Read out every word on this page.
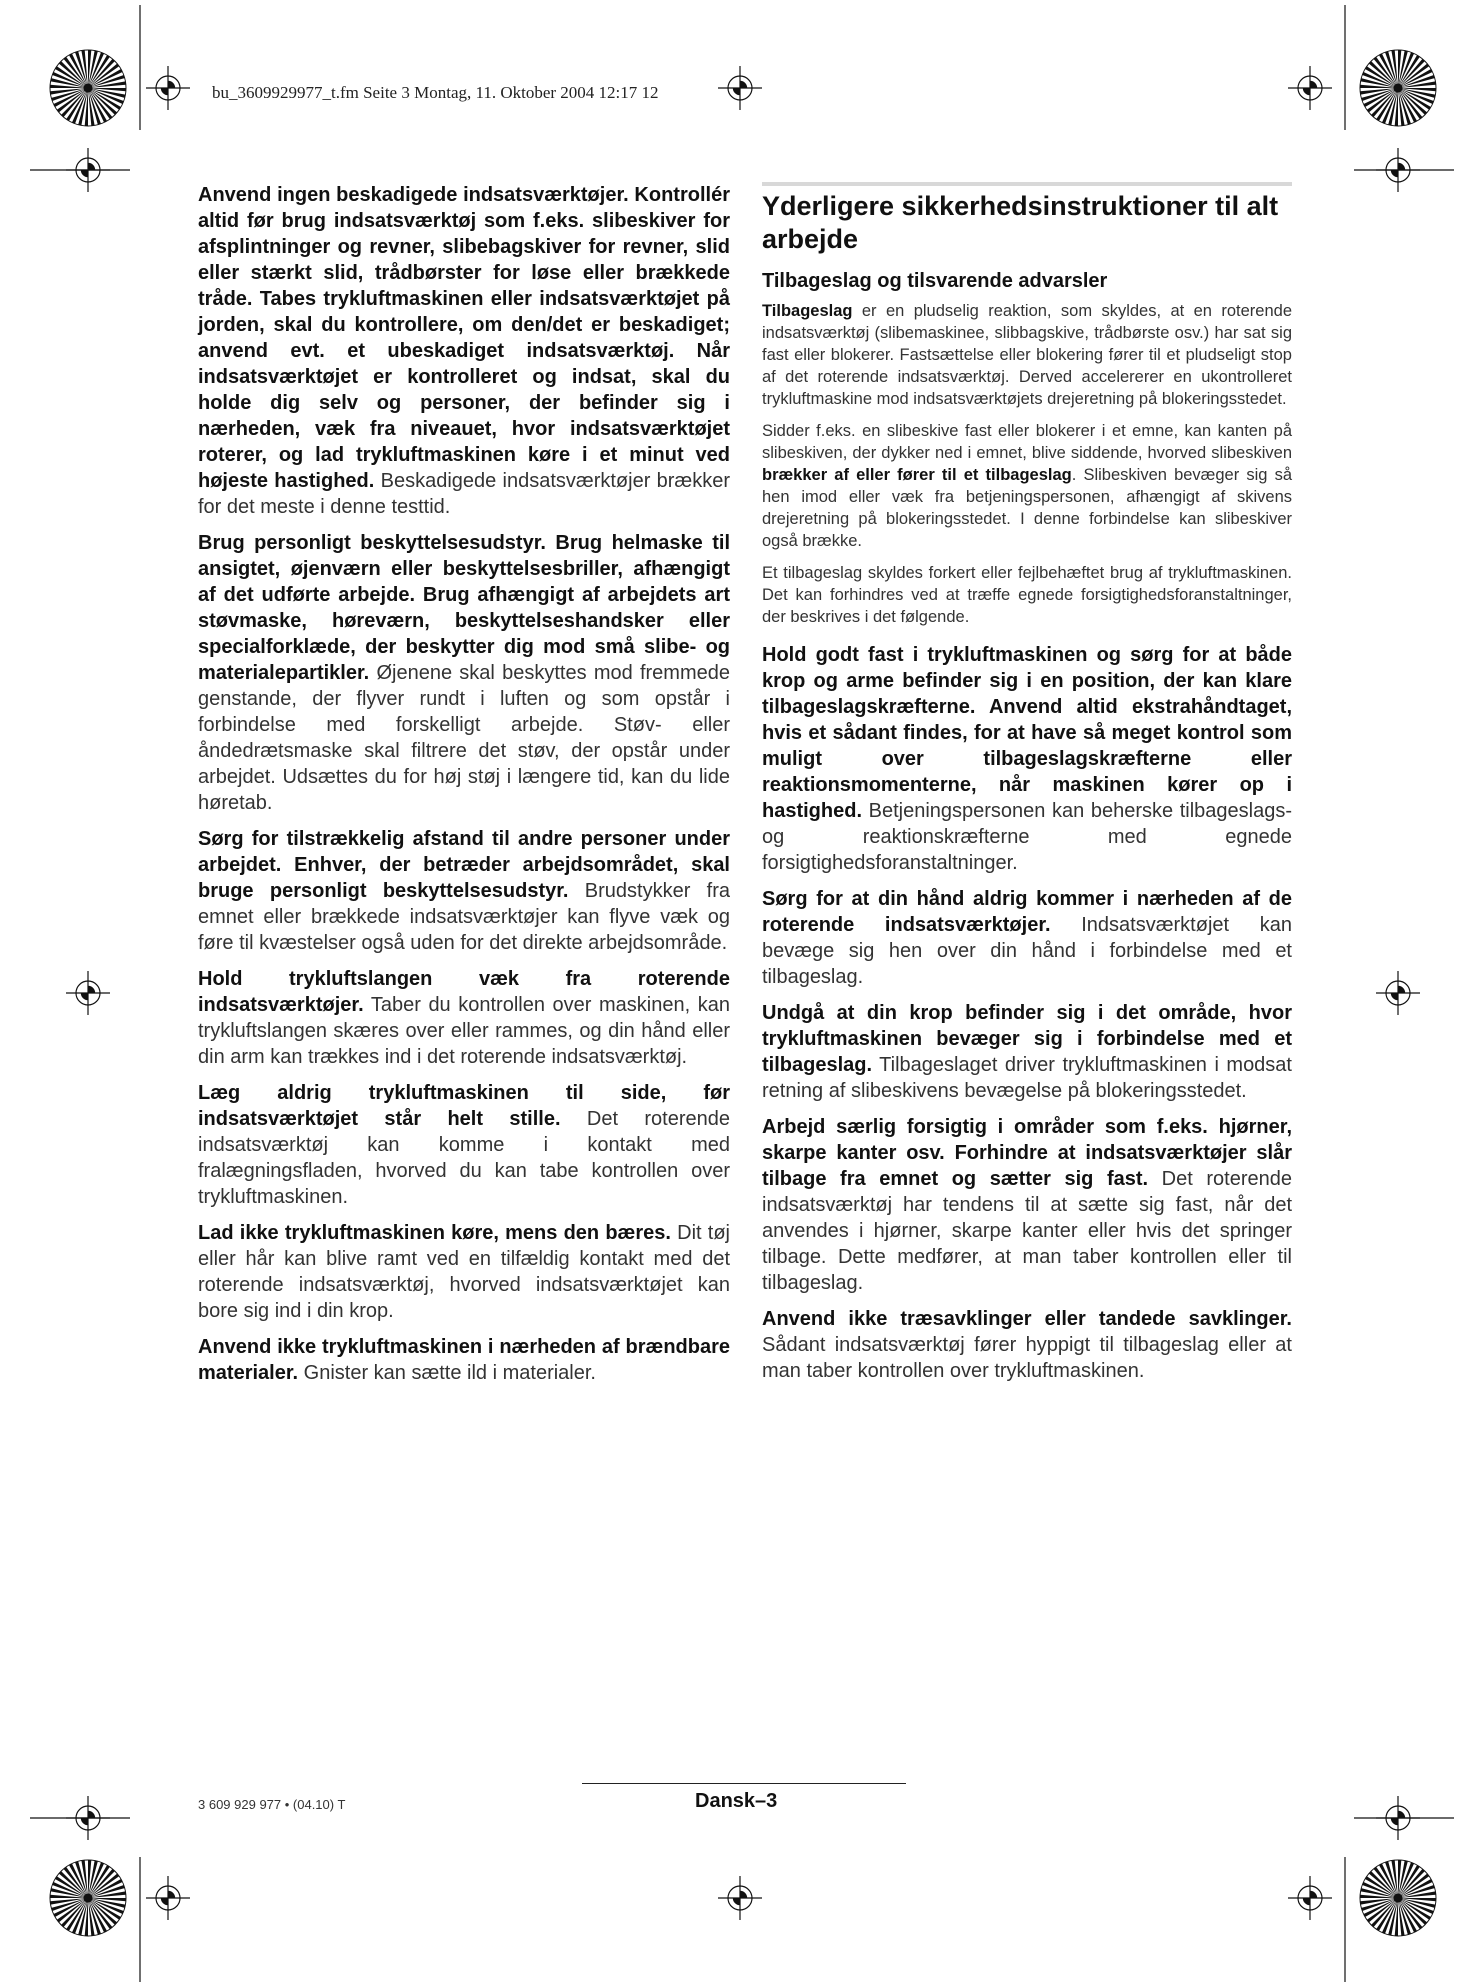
bu_3609929977_t.fm Seite 3 Montag, 11. Oktober 2004 12:17 12

Anvend ingen beskadigede indsatsværktøjer. Kontrollér altid før brug indsatsværktøj som f.eks. slibeskiver for afsplintninger og revner, slibebagskiver for revner, slid eller stærkt slid, trådbørster for løse eller brækkede tråde. Tabes trykluftmaskinen eller indsatsværktøjet på jorden, skal du kontrollere, om den/det er beskadiget; anvend evt. et ubeskadiget indsatsværktøj. Når indsatsværktøjet er kontrolleret og indsat, skal du holde dig selv og personer, der befinder sig i nærheden, væk fra niveauet, hvor indsatsværktøjet roterer, og lad trykluftmaskinen køre i et minut ved højeste hastighed. Beskadigede indsatsværktøjer brækker for det meste i denne testtid.

Brug personligt beskyttelsesudstyr. Brug helmaske til ansigtet, øjenværn eller beskyttelsesbriller, afhængigt af det udførte arbejde. Brug afhængigt af arbejdets art støvmaske, høreværn, beskyttelseshandsker eller specialforklæde, der beskytter dig mod små slibe- og materialepartikler. Øjenene skal beskyttes mod fremmede genstande, der flyver rundt i luften og som opstår i forbindelse med forskelligt arbejde. Støv- eller åndedrætsmaske skal filtrere det støv, der opstår under arbejdet. Udsættes du for høj støj i længere tid, kan du lide høretab.

Sørg for tilstrækkelig afstand til andre personer under arbejdet. Enhver, der betræder arbejdsområdet, skal bruge personligt beskyttelsesudstyr. Brudstykker fra emnet eller brækkede indsatsværktøjer kan flyve væk og føre til kvæstelser også uden for det direkte arbejdsområde.

Hold trykluftslangen væk fra roterende indsatsværktøjer. Taber du kontrollen over maskinen, kan trykluftslangen skæres over eller rammes, og din hånd eller din arm kan trækkes ind i det roterende indsatsværktøj.

Læg aldrig trykluftmaskinen til side, før indsatsværktøjet står helt stille. Det roterende indsatsværktøj kan komme i kontakt med fralægningsfladen, hvorved du kan tabe kontrollen over trykluftmaskinen.

Lad ikke trykluftmaskinen køre, mens den bæres. Dit tøj eller hår kan blive ramt ved en tilfældig kontakt med det roterende indsatsværktøj, hvorved indsatsværktøjet kan bore sig ind i din krop.

Anvend ikke trykluftmaskinen i nærheden af brændbare materialer. Gnister kan sætte ild i materialer.

Yderligere sikkerhedsinstruktioner til alt arbejde
Tilbageslag og tilsvarende advarsler

Tilbageslag er en pludselig reaktion, som skyldes, at en roterende indsatsværktøj (slibemaskinee, slibbagskive, trådbørste osv.) har sat sig fast eller blokerer. Fastsættelse eller blokering fører til et pludseligt stop af det roterende indsatsværktøj. Derved accelererer en ukontrolleret trykluftmaskine mod indsatsværktøjets drejeretning på blokeringsstedet.

Sidder f.eks. en slibeskive fast eller blokerer i et emne, kan kanten på slibeskiven, der dykker ned i emnet, blive siddende, hvorved slibeskiven brækker af eller fører til et tilbageslag. Slibeskiven bevæger sig så hen imod eller væk fra betjeningspersonen, afhængigt af skivens drejeretning på blokeringsstedet. I denne forbindelse kan slibeskiver også brække.

Et tilbageslag skyldes forkert eller fejlbehæftet brug af trykluftmaskinen. Det kan forhindres ved at træffe egnede forsigtighedsforanstaltninger, der beskrives i det følgende.

Hold godt fast i trykluftmaskinen og sørg for at både krop og arme befinder sig i en position, der kan klare tilbageslagskræfterne. Anvend altid ekstrahåndtaget, hvis et sådant findes, for at have så meget kontrol som muligt over tilbageslagskræfterne eller reaktionsmomenterne, når maskinen kører op i hastighed. Betjeningspersonen kan beherske tilbageslags- og reaktionskræfterne med egnede forsigtighedsforanstaltninger.

Sørg for at din hånd aldrig kommer i nærheden af de roterende indsatsværktøjer. Indsatsværktøjet kan bevæge sig hen over din hånd i forbindelse med et tilbageslag.

Undgå at din krop befinder sig i det område, hvor trykluftmaskinen bevæger sig i forbindelse med et tilbageslag. Tilbageslaget driver trykluftmaskinen i modsat retning af slibeskivens bevægelse på blokeringsstedet.

Arbejd særlig forsigtig i områder som f.eks. hjørner, skarpe kanter osv. Forhindre at indsatsværktøjer slår tilbage fra emnet og sætter sig fast. Det roterende indsatsværktøj har tendens til at sætte sig fast, når det anvendes i hjørner, skarpe kanter eller hvis det springer tilbage. Dette medfører, at man taber kontrollen eller til tilbageslag.

Anvend ikke træsavklinger eller tandede savklinger. Sådant indsatsværktøj fører hyppigt til tilbageslag eller at man taber kontrollen over trykluftmaskinen.

3 609 929 977 • (04.10) T	Dansk–3
